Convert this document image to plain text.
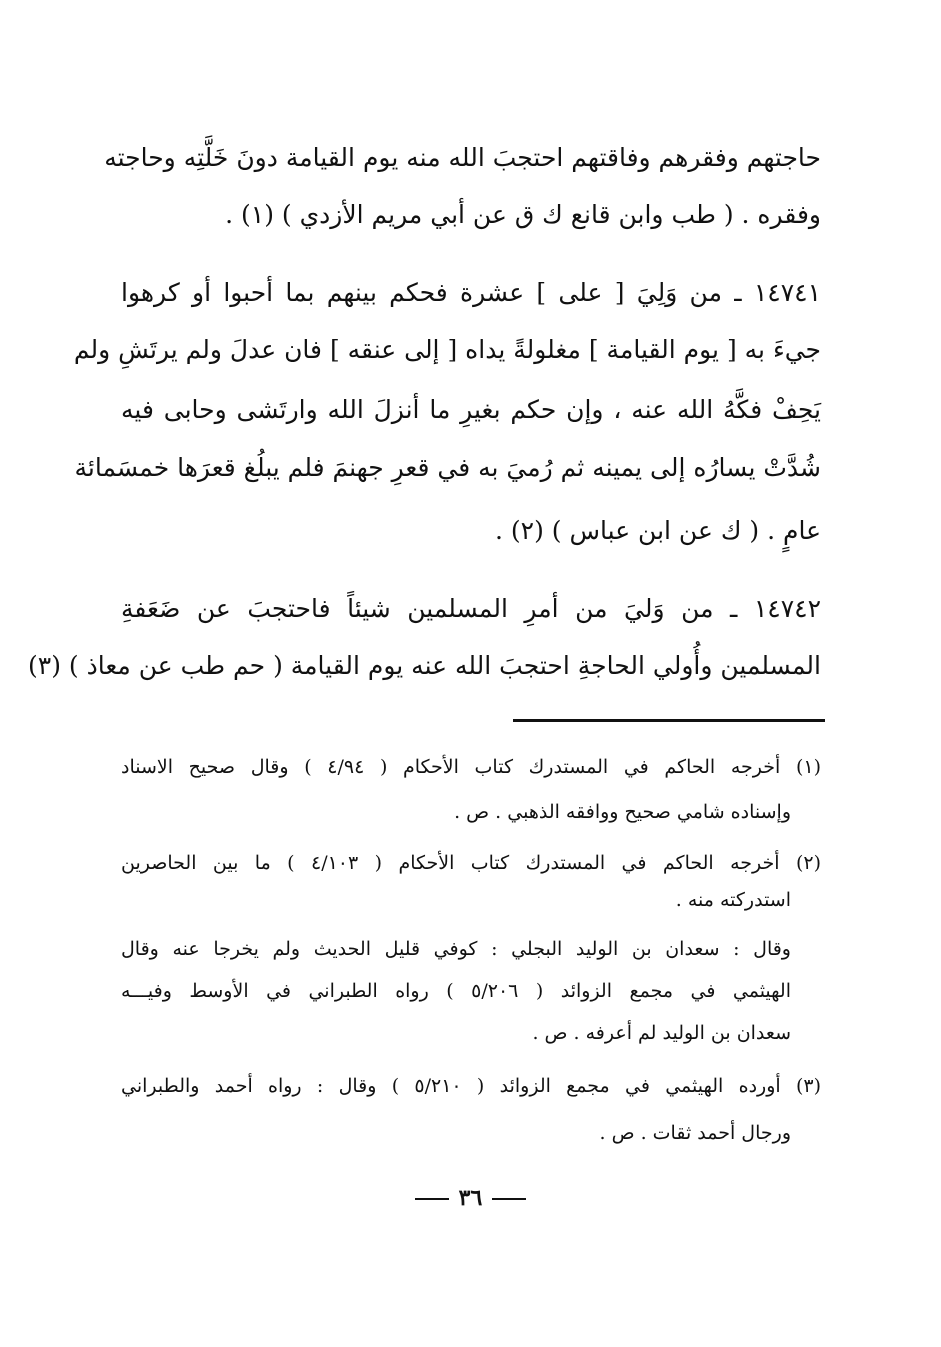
حاجتهم وفقرهم وفاقتهم احتجبَ الله منه يوم القيامة دونَ خَلَّتِه وحاجته
وفقره . ( طب وابن قانع ك ق عن أبي مريم الأزدي ) (١) .
١٤٧٤١ ـ من وَلِيَ [ على ] عشرة فحكم بينهم بما أحبوا أو كرهوا
جيءَ به [ يوم القيامة ] مغلولةً يداه [ إلى عنقه ] فان عدلَ ولم يرتَشِ ولم
يَحِفْ فكَّهُ الله عنه ، وإن حكم بغيرِ ما أنزلَ الله وارتَشى وحابى فيه
شُدَّتْ يسارُه إلى يمينه ثم رُميَ به في قعرِ جهنمَ فلم يبلُغ قعرَها خمسَمائة
عامٍ . ( ك عن ابن عباس ) (٢) .
١٤٧٤٢ ـ من وَليَ من أمرِ المسلمين شيئاً فاحتجبَ عن ضَعَفةِ
المسلمين وأُولي الحاجةِ احتجبَ الله عنه يوم القيامة ( حم طب عن معاذ ) (٣)
(١) أخرجه الحاكم في المستدرك كتاب الأحكام ( ٤/٩٤ ) وقال صحيح الاسناد
وإسناده شامي صحيح ووافقه الذهبي . ص .
(٢) أخرجه الحاكم في المستدرك كتاب الأحكام ( ٤/١٠٣ ) ما بين الحاصرين
استدركته منه .
وقال : سعدان بن الوليد البجلي : كوفي قليل الحديث ولم يخرجا عنه وقال
الهيثمي في مجمع الزوائد ( ٥/٢٠٦ ) رواه الطبراني في الأوسط وفيـــه
سعدان بن الوليد لم أعرفه . ص .
(٣) أورده الهيثمي في مجمع الزوائد ( ٥/٢١٠ ) وقال : رواه أحمد والطبراني
ورجال أحمد ثقات . ص .
٣٦
